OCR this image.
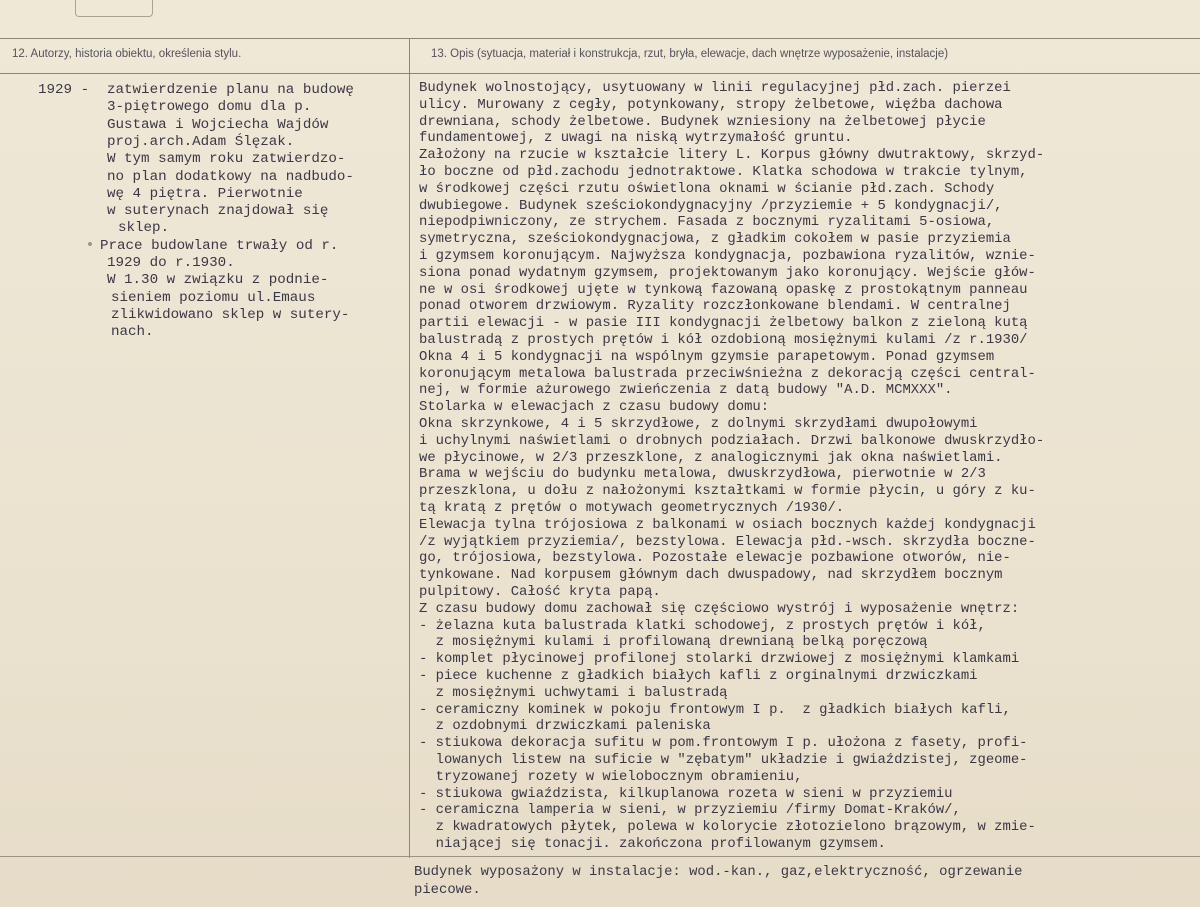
12. Autorzy, historia obiektu, określenia stylu.	13. Opis (sytuacja, materiał i konstrukcja, rzut, bryła, elewacje, dach wnętrze wyposażenie, instalacje)
1929 - zatwierdzenie planu na budowę
3-piętrowego domu dla p.
Gustawa i Wojciecha Wajdów
proj.arch.Adam Ślęzak.
W tym samym roku zatwierdzo-
no plan dodatkowy na nadbudo-
wę 4 piętra. Pierwotnie
w suterynach znajdował się
sklep.
Prace budowlane trwały od r.
1929 do r.1930.
W 1.30 w związku z podnie-
sieniem poziomu ul.Emaus
zlikwidowano sklep w sutery-
nach.
Budynek wolnostojący, usytuowany w linii regulacyjnej płd.zach. pierzei
ulicy. Murowany z cegły, potynkowany, stropy żelbetowe, więźba dachowa
drewniana, schody żelbetowe. Budynek wzniesiony na żelbetowej płycie
fundamentowej, z uwagi na niską wytrzymałość gruntu.
Założony na rzucie w kształcie litery L. Korpus główny dwutraktowy, skrzyd-
ło boczne od płd.zachodu jednotraktowe. Klatka schodowa w trakcie tylnym,
w środkowej części rzutu oświetlona oknami w ścianie płd.zach. Schody
dwubiegowe. Budynek sześciokondygnacyjny /przyziemie + 5 kondygnacji/,
niepodpiwniczony, ze strychem. Fasada z bocznymi ryzalitami 5-osiowa,
symetryczna, sześciokondygnacjowa, z gładkim cokołem w pasie przyziemia
i gzymsem koronującym. Najwyższa kondygnacja, pozbawiona ryzalitów, wznie-
siona ponad wydatnym gzymsem, projektowanym jako koronujący. Wejście głów-
ne w osi środkowej ujęte w tynkową fazowaną opaskę z prostokątnym panneau
ponad otworem drzwiowym. Ryzality rozczłonkowane blendami. W centralnej
partii elewacji - w pasie III kondygnacji żelbetowy balkon z zieloną kutą
balustradą z prostych prętów i kół ozdobioną mosiężnymi kulami /z r.1930/
Okna 4 i 5 kondygnacji na wspólnym gzymsie parapetowym. Ponad gzymsem
koronującym metalowa balustrada przeciwśnieżna z dekoracją części central-
nej, w formie ażurowego zwieńczenia z datą budowy "A.D. MCMXXX".
Stolarka w elewacjach z czasu budowy domu:
Okna skrzynkowe, 4 i 5 skrzydłowe, z dolnymi skrzydłami dwupołowymi
i uchylnymi naświetlami o drobnych podziałach. Drzwi balkonowe dwuskrzydło-
we płycinowe, w 2/3 przeszklone, z analogicznymi jak okna naświetlami.
Brama w wejściu do budynku metalowa, dwuskrzydłowa, pierwotnie w 2/3
przeszklona, u dołu z nałożonymi kształtkami w formie płycin, u góry z ku-
tą kratą z prętów o motywach geometrycznych /1930/.
Elewacja tylna trójosiowa z balkonami w osiach bocznych każdej kondygnacji
/z wyjątkiem przyziemia/, bezstylowa. Elewacja płd.-wsch. skrzydła boczne-
go, trójosiowa, bezstylowa. Pozostałe elewacje pozbawione otworów, nie-
tynkowane. Nad korpusem głównym dach dwuspadowy, nad skrzydłem bocznym
pulpitowy. Całość kryta papą.
Z czasu budowy domu zachował się częściowo wystrój i wyposażenie wnętrz:
- żelazna kuta balustrada klatki schodowej, z prostych prętów i kół,
z mosiężnymi kulami i profilowaną drewnianą belką poręczową
- komplet płycinowej profilonej stolarki drzwiowej z mosiężnymi klamkami
- piece kuchenne z gładkich białych kafli z orginalnymi drzwiczkami
z mosiężnymi uchwytami i balustradą
- ceramiczny kominek w pokoju frontowym I p.  z gładkich białych kafli,
z ozdobnymi drzwiczkami paleniska
- stiukowa dekoracja sufitu w pom.frontowym I p. ułożona z fasety, profi-
lowanych listew na suficie w "zębatym" układzie i gwiaździstej, zgeome-
tryzowanej rozety w wielobocznym obramieniu,
- stiukowa gwiaździsta, kilkuplanowa rozeta w sieni w przyziemiu
- ceramiczna lamperia w sieni, w przyziemiu /firmy Domat-Kraków/,
z kwadratowych płytek, polewa w kolorycie złotozielono brązowym, w zmie-
niającej się tonacji. zakończona profilowanym gzymsem.
Budynek wyposażony w instalacje: wod.-kan., gaz,elektryczność, ogrzewanie
piecowe.
